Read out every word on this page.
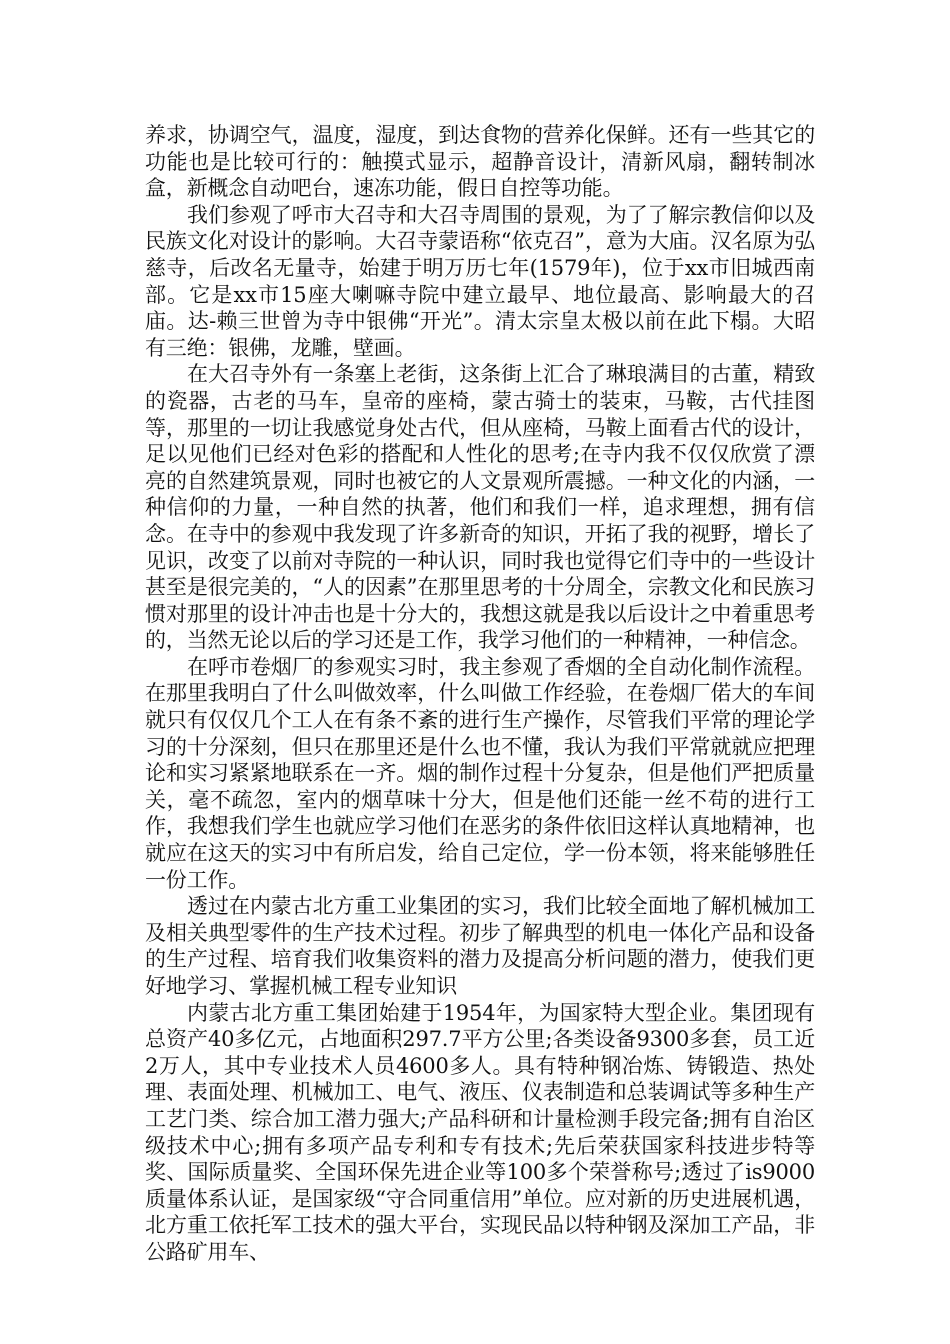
养求，协调空气，温度，湿度，到达食物的营养化保鲜。还有一些其它的功能也是比较可行的：触摸式显示，超静音设计，清新风扇，翻转制冰盒，新概念自动吧台，速冻功能，假日自控等功能。

我们参观了呼市大召寺和大召寺周围的景观，为了了解宗教信仰以及民族文化对设计的影响。大召寺蒙语称“依克召”，意为大庙。汉名原为弘慈寺，后改名无量寺，始建于明万历七年(1579年)，位于xx市旧城西南部。它是xx市15座大喇嘛寺院中建立最早、地位最高、影响最大的召庙。达-赖三世曾为寺中银佛“开光”。清太宗皇太极以前在此下榻。大昭有三绝：银佛，龙雕，壁画。

在大召寺外有一条塞上老街，这条街上汇合了琳琅满目的古董，精致的瓷器，古老的马车，皇帝的座椅，蒙古骑士的装束，马鞍，古代挂图等，那里的一切让我感觉身处古代，但从座椅，马鞍上面看古代的设计，足以见他们已经对色彩的搭配和人性化的思考;在寺内我不仅仅欣赏了漂亮的自然建筑景观，同时也被它的人文景观所震撼。一种文化的内涵，一种信仰的力量，一种自然的执著，他们和我们一样，追求理想，拥有信念。在寺中的参观中我发现了许多新奇的知识，开拓了我的视野，增长了见识，改变了以前对寺院的一种认识，同时我也觉得它们寺中的一些设计甚至是很完美的，“人的因素”在那里思考的十分周全，宗教文化和民族习惯对那里的设计冲击也是十分大的，我想这就是我以后设计之中着重思考的，当然无论以后的学习还是工作，我学习他们的一种精神，一种信念。

在呼市卷烟厂的参观实习时，我主参观了香烟的全自动化制作流程。在那里我明白了什么叫做效率，什么叫做工作经验，在卷烟厂偌大的车间就只有仅仅几个工人在有条不紊的进行生产操作，尽管我们平常的理论学习的十分深刻，但只在那里还是什么也不懂，我认为我们平常就就应把理论和实习紧紧地联系在一齐。烟的制作过程十分复杂，但是他们严把质量关，毫不疏忽，室内的烟草味十分大，但是他们还能一丝不苟的进行工作，我想我们学生也就应学习他们在恶劣的条件依旧这样认真地精神，也就应在这天的实习中有所启发，给自己定位，学一份本领，将来能够胜任一份工作。

透过在内蒙古北方重工业集团的实习，我们比较全面地了解机械加工及相关典型零件的生产技术过程。初步了解典型的机电一体化产品和设备的生产过程、培育我们收集资料的潜力及提高分析问题的潜力，使我们更好地学习、掌握机械工程专业知识

内蒙古北方重工集团始建于1954年，为国家特大型企业。集团现有总资产40多亿元，占地面积297.7平方公里;各类设备9300多套，员工近2万人，其中专业技术人员4600多人。具有特种钢冶炼、铸锻造、热处理、表面处理、机械加工、电气、液压、仪表制造和总装调试等多种生产工艺门类、综合加工潜力强大;产品科研和计量检测手段完备;拥有自治区级技术中心;拥有多项产品专利和专有技术;先后荣获国家科技进步特等奖、国际质量奖、全国环保先进企业等100多个荣誉称号;透过了is9000质量体系认证，是国家级“守合同重信用”单位。应对新的历史进展机遇，北方重工依托军工技术的强大平台，实现民品以特种钢及深加工产品，非公路矿用车、
